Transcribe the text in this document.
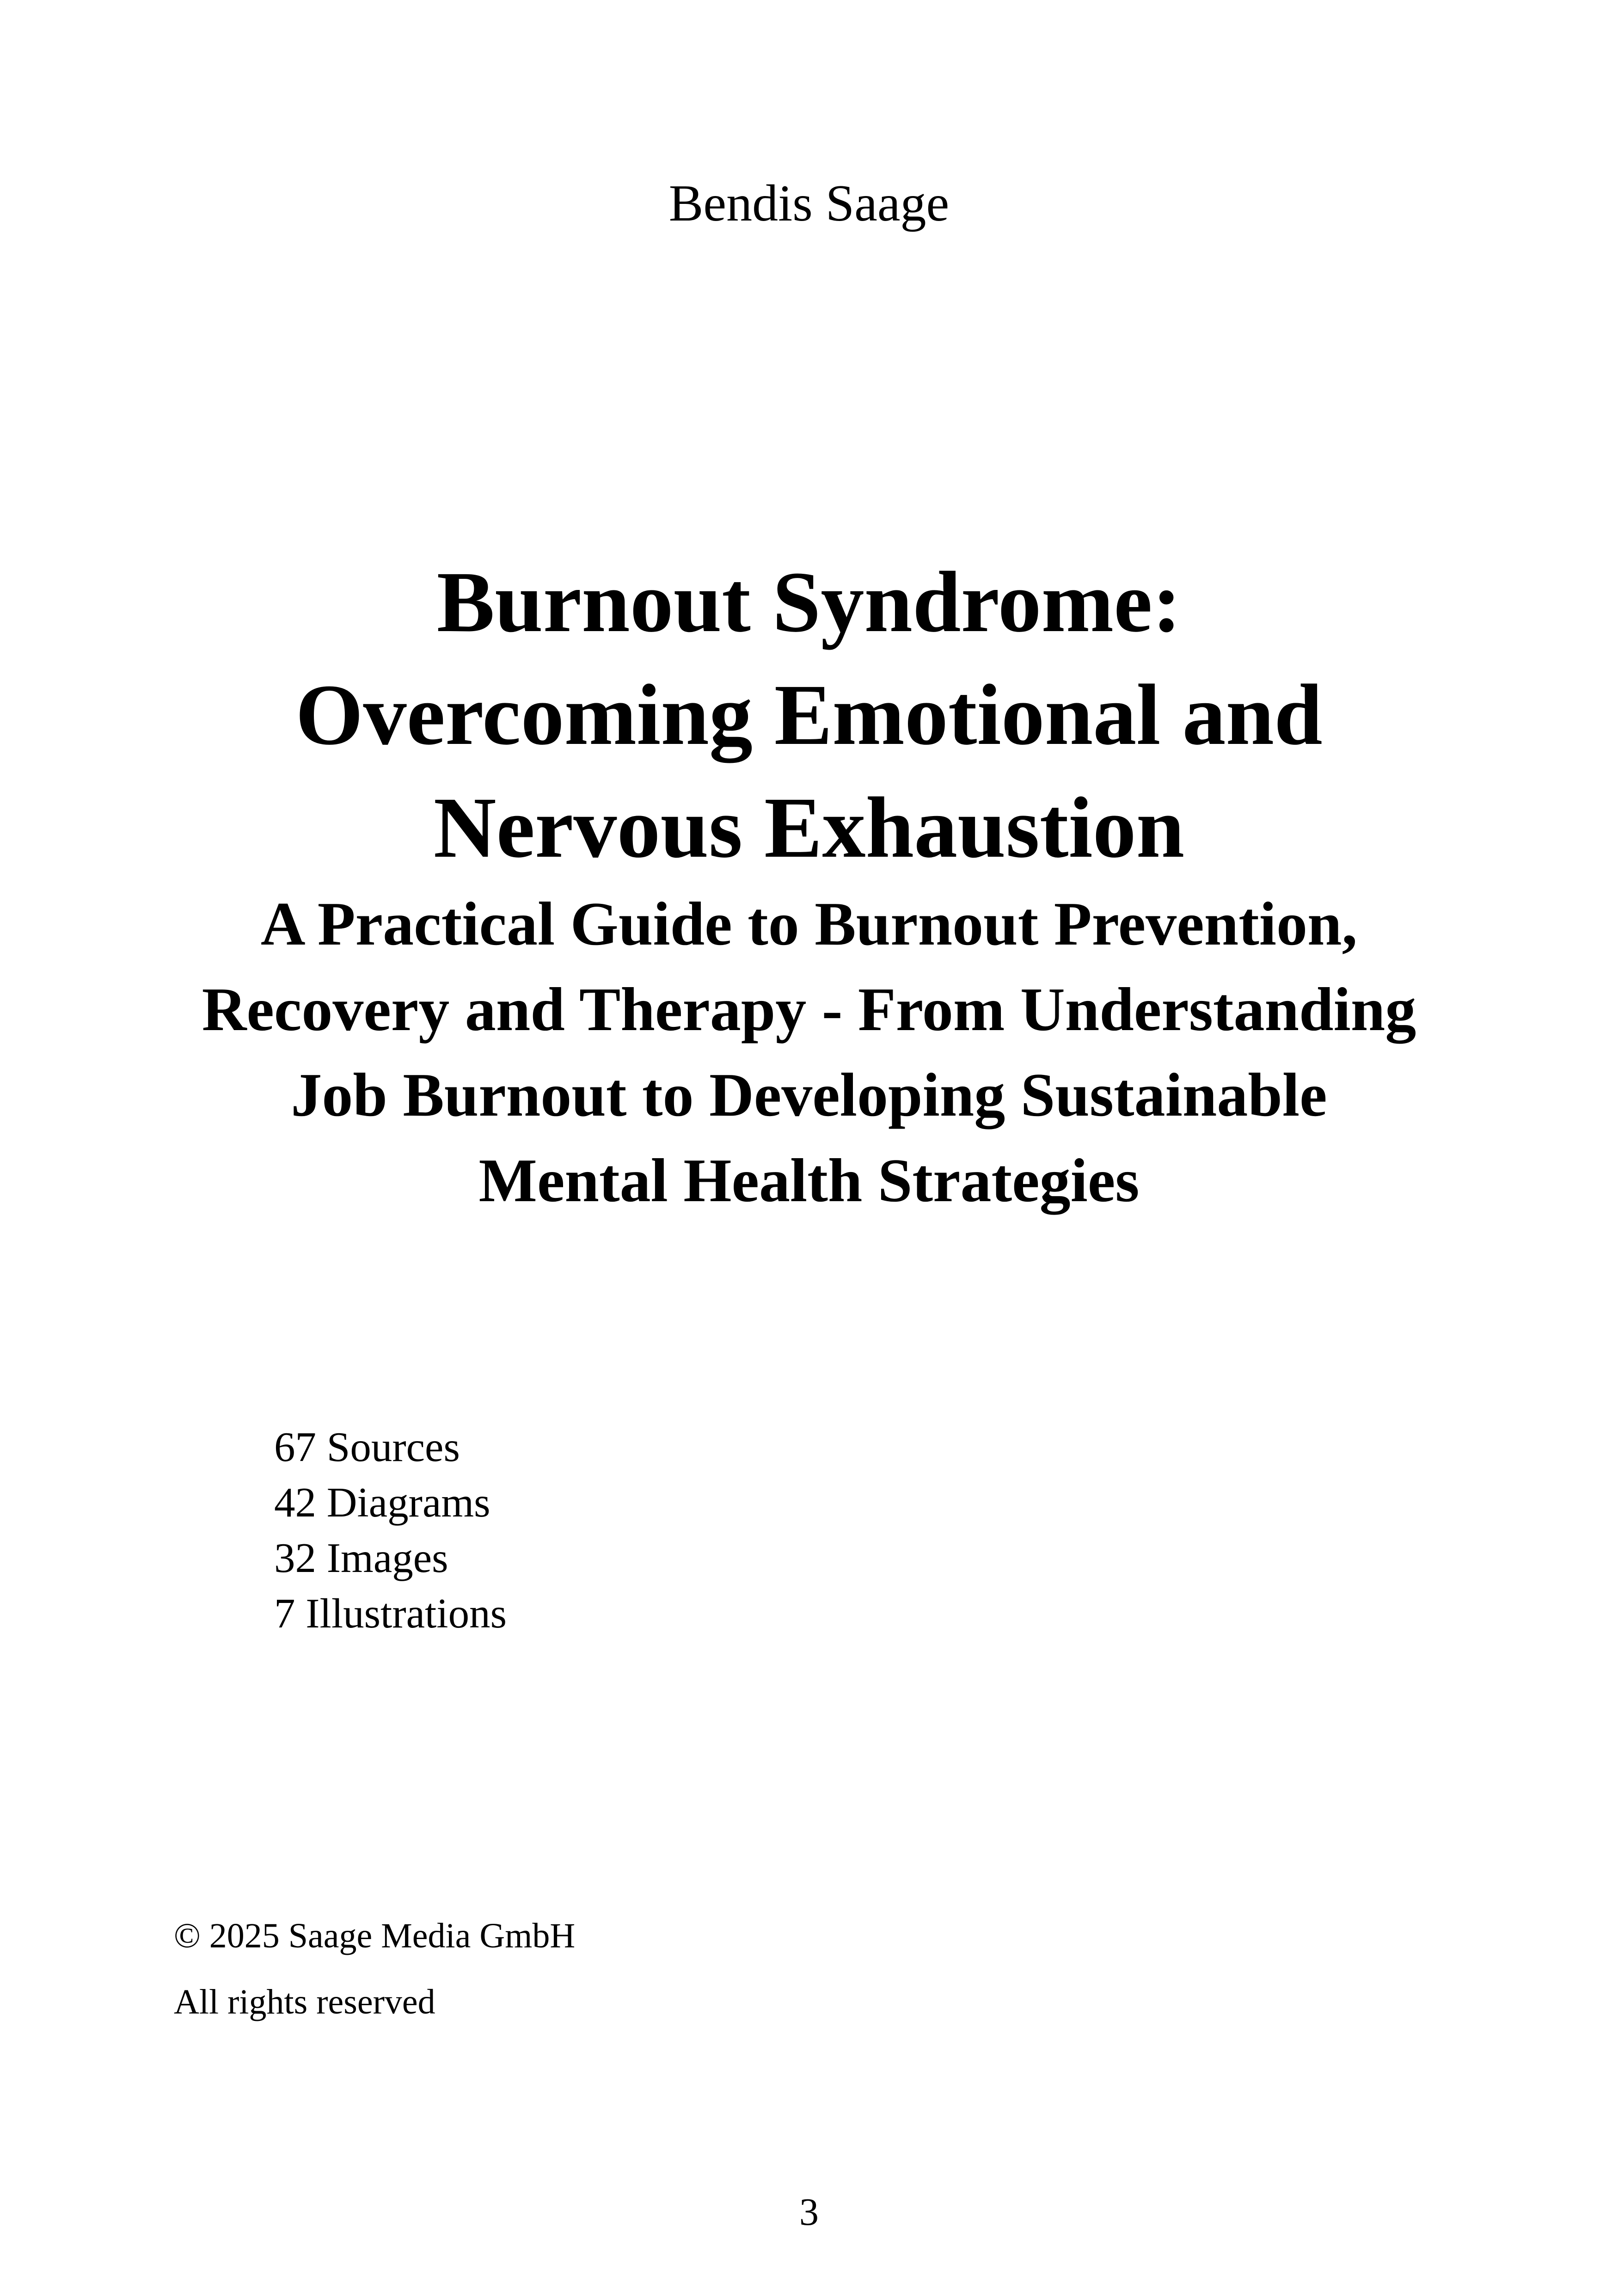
Bendis Saage
Burnout Syndrome:
Overcoming Emotional and
Nervous Exhaustion
A Practical Guide to Burnout Prevention,
Recovery and Therapy - From Understanding
Job Burnout to Developing Sustainable
Mental Health Strategies
67 Sources
42 Diagrams
32 Images
7 Illustrations
© 2025 Saage Media GmbH
All rights reserved
3
